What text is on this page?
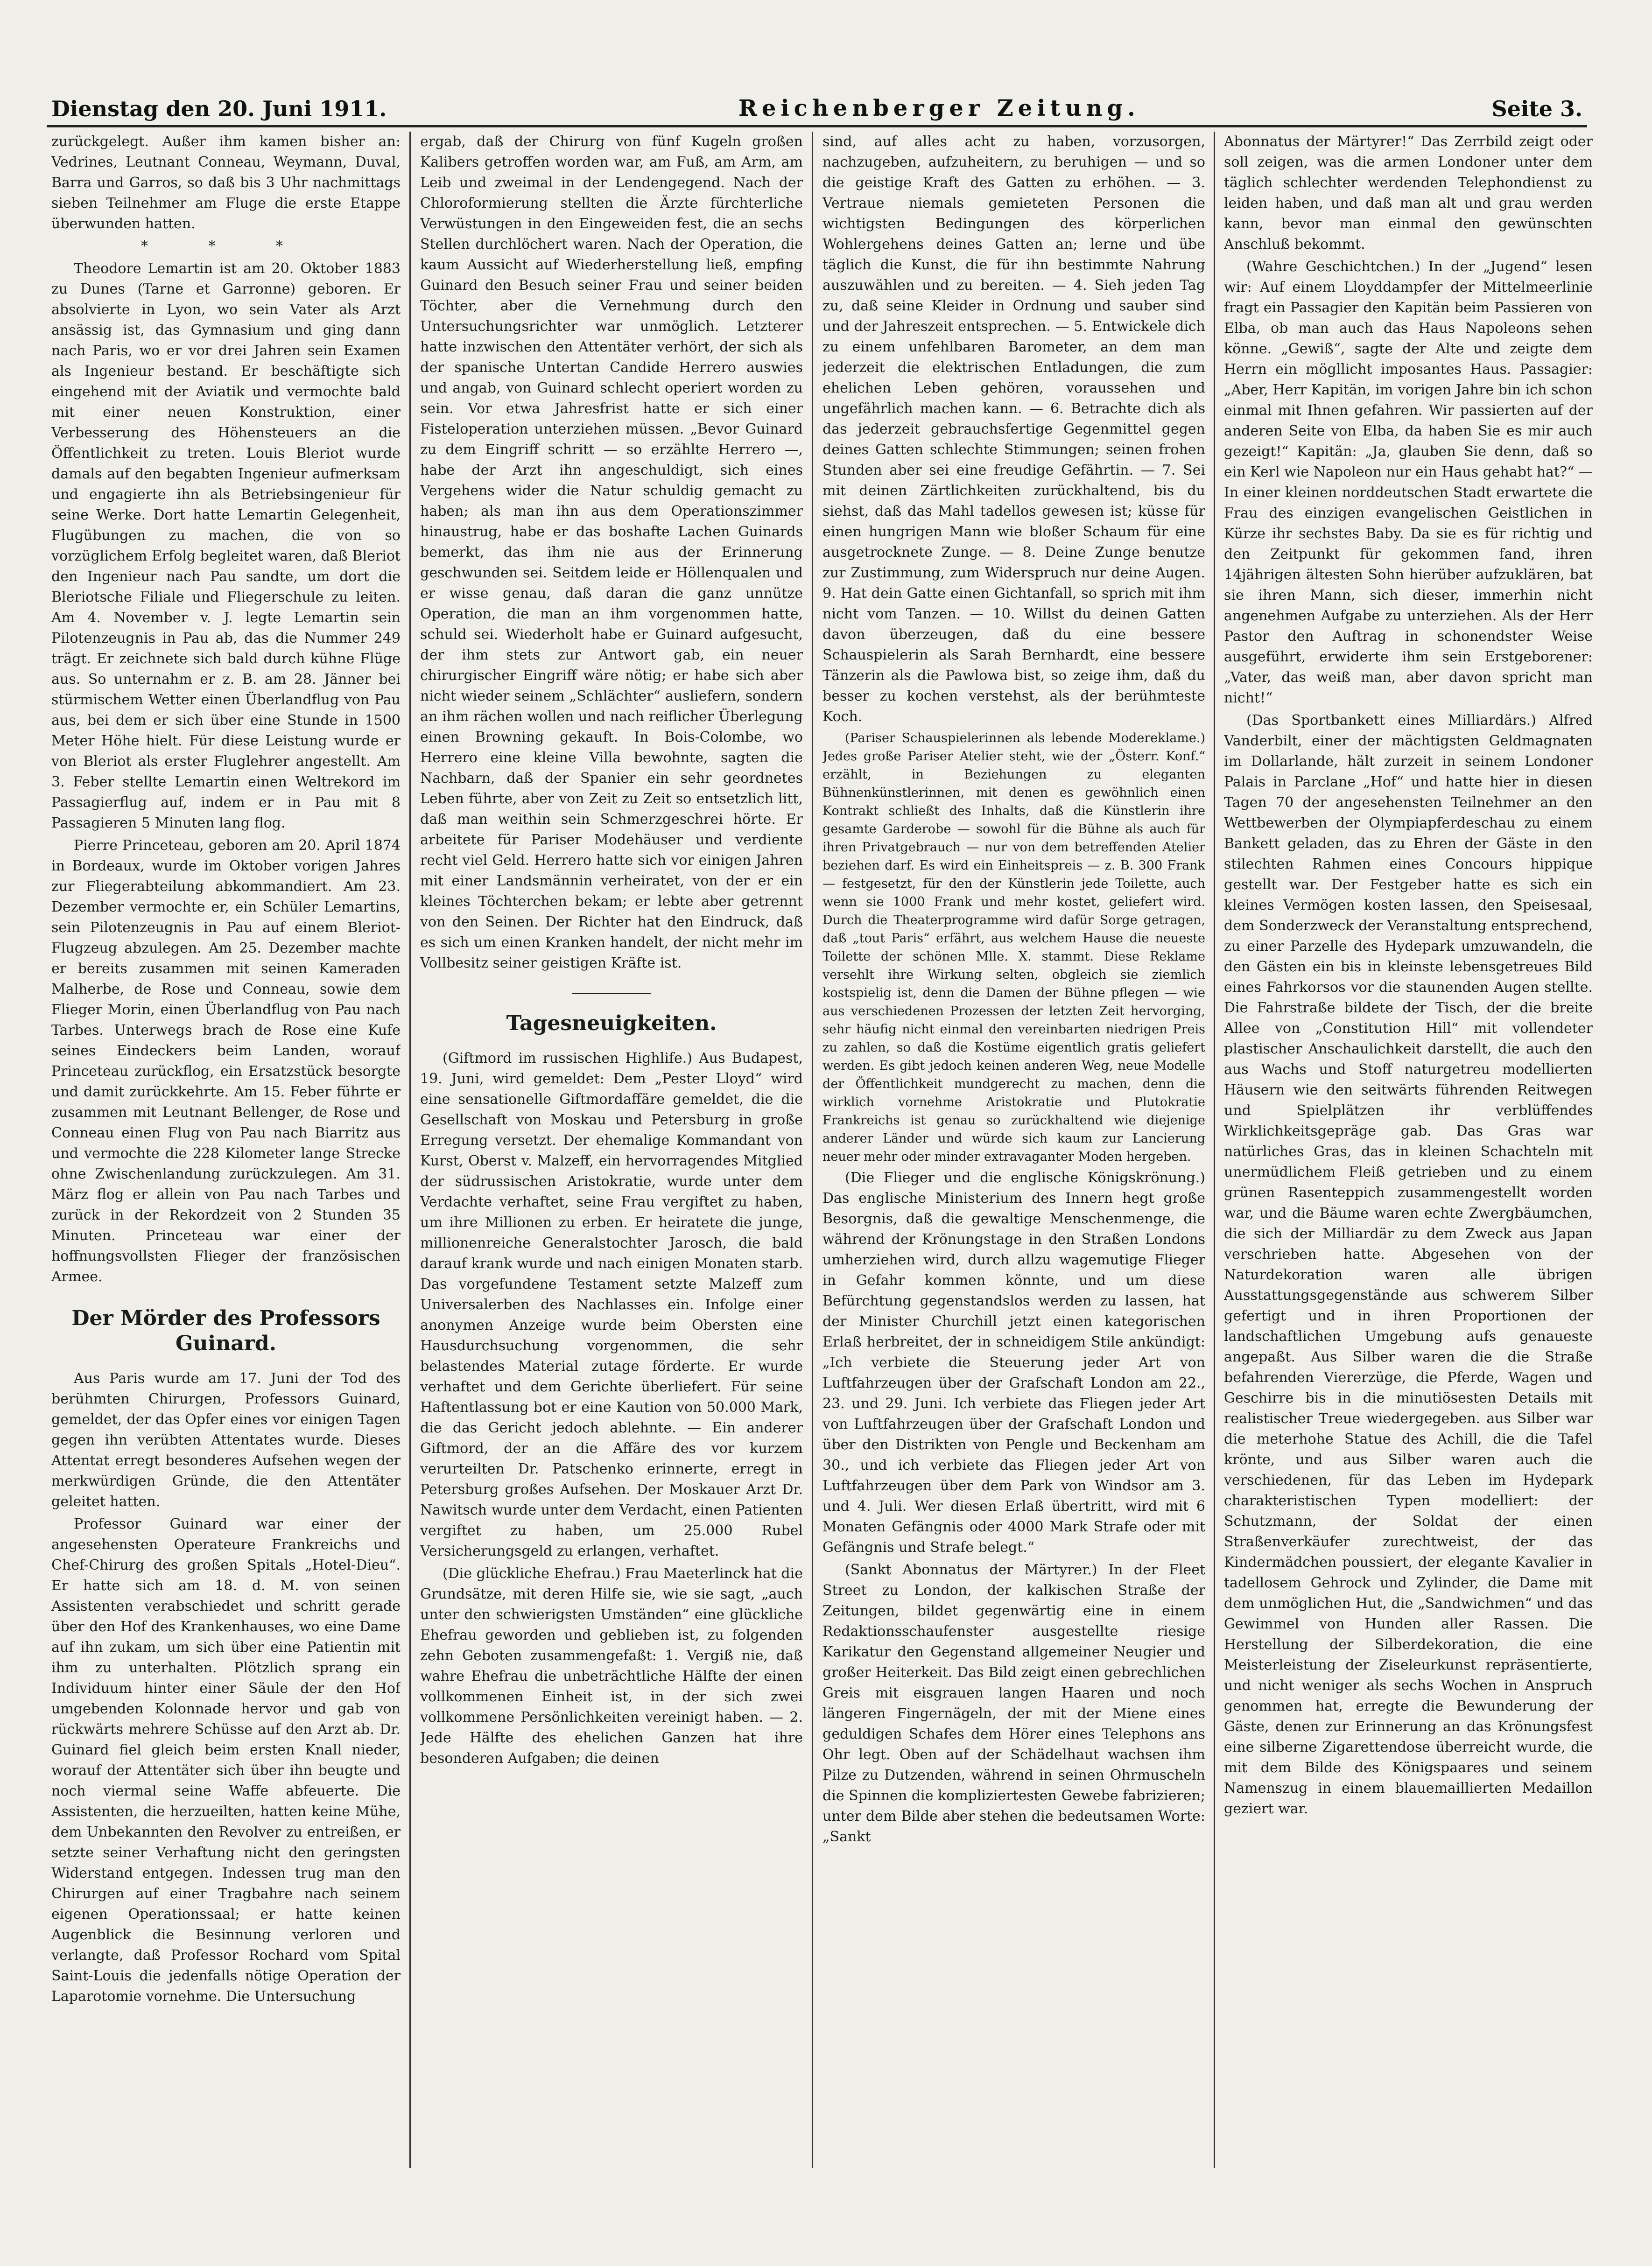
Dienstag den 20. Juni 1911.	Reichenberger Zeitung.	Seite 3.

zurückgelegt. Außer ihm kamen bisher an: Vedrines, Leutnant Conneau, Weymann, Duval, Barra und Garros, so daß bis 3 Uhr nachmittags sieben Teilnehmer am Fluge die erste Etappe überwunden hatten.

* * *

Theodore Lemartin ist am 20. Oktober 1883 zu Dunes (Tarne et Garronne) geboren. Er absolvierte in Lyon, wo sein Vater als Arzt ansässig ist, das Gymnasium und ging dann nach Paris, wo er vor drei Jahren sein Examen als Ingenieur bestand. Er beschäftigte sich eingehend mit der Aviatik und vermochte bald mit einer neuen Konstruktion, einer Verbesserung des Höhensteuers an die Öffentlichkeit zu treten. Louis Bleriot wurde damals auf den begabten Ingenieur aufmerksam und engagierte ihn als Betriebsingenieur für seine Werke. Dort hatte Lemartin Gelegenheit, Flugübungen zu machen, die von so vorzüglichem Erfolg begleitet waren, daß Bleriot den Ingenieur nach Pau sandte, um dort die Bleriotsche Filiale und Fliegerschule zu leiten. Am 4. November v. J. legte Lemartin sein Pilotenzeugnis in Pau ab, das die Nummer 249 trägt. Er zeichnete sich bald durch kühne Flüge aus. So unternahm er z. B. am 28. Jänner bei stürmischem Wetter einen Überlandflug von Pau aus, bei dem er sich über eine Stunde in 1500 Meter Höhe hielt. Für diese Leistung wurde er von Bleriot als erster Fluglehrer angestellt. Am 3. Feber stellte Lemartin einen Weltrekord im Passagierflug auf, indem er in Pau mit 8 Passagieren 5 Minuten lang flog.

Pierre Princeteau, geboren am 20. April 1874 in Bordeaux, wurde im Oktober vorigen Jahres zur Fliegerabteilung abkommandiert. Am 23. Dezember vermochte er, ein Schüler Lemartins, sein Pilotenzeugnis in Pau auf einem Bleriot-Flugzeug abzulegen. Am 25. Dezember machte er bereits zusammen mit seinen Kameraden Malherbe, de Rose und Conneau, sowie dem Flieger Morin, einen Überlandflug von Pau nach Tarbes. Unterwegs brach de Rose eine Kufe seines Eindeckers beim Landen, worauf Princeteau zurückflog, ein Ersatzstück besorgte und damit zurückkehrte. Am 15. Feber führte er zusammen mit Leutnant Bellenger, de Rose und Conneau einen Flug von Pau nach Biarritz aus und vermochte die 228 Kilometer lange Strecke ohne Zwischenlandung zurückzulegen. Am 31. März flog er allein von Pau nach Tarbes und zurück in der Rekordzeit von 2 Stunden 35 Minuten. Princeteau war einer der hoffnungsvollsten Flieger der französischen Armee.

Der Mörder des Professors Guinard.

Aus Paris wurde am 17. Juni der Tod des berühmten Chirurgen, Professors Guinard, gemeldet, der das Opfer eines vor einigen Tagen gegen ihn verübten Attentates wurde. Dieses Attentat erregt besonderes Aufsehen wegen der merkwürdigen Gründe, die den Attentäter geleitet hatten.

Professor Guinard war einer der angesehensten Operateure Frankreichs und Chef-Chirurg des großen Spitals „Hotel-Dieu“. Er hatte sich am 18. d. M. von seinen Assistenten verabschiedet und schritt gerade über den Hof des Krankenhauses, wo eine Dame auf ihn zukam, um sich über eine Patientin mit ihm zu unterhalten. Plötzlich sprang ein Individuum hinter einer Säule der den Hof umgebenden Kolonnade hervor und gab von rückwärts mehrere Schüsse auf den Arzt ab. Dr. Guinard fiel gleich beim ersten Knall nieder, worauf der Attentäter sich über ihn beugte und noch viermal seine Waffe abfeuerte. Die Assistenten, die herzueilten, hatten keine Mühe, dem Unbekannten den Revolver zu entreißen, er setzte seiner Verhaftung nicht den geringsten Widerstand entgegen. Indessen trug man den Chirurgen auf einer Tragbahre nach seinem eigenen Operationssaal; er hatte keinen Augenblick die Besinnung verloren und verlangte, daß Professor Rochard vom Spital Saint-Louis die jedenfalls nötige Operation der Laparotomie vornehme. Die Untersuchung

ergab, daß der Chirurg von fünf Kugeln großen Kalibers getroffen worden war, am Fuß, am Arm, am Leib und zweimal in der Lendengegend. Nach der Chloroformierung stellten die Ärzte fürchterliche Verwüstungen in den Eingeweiden fest, die an sechs Stellen durchlöchert waren. Nach der Operation, die kaum Aussicht auf Wiederherstellung ließ, empfing Guinard den Besuch seiner Frau und seiner beiden Töchter, aber die Vernehmung durch den Untersuchungsrichter war unmöglich. Letzterer hatte inzwischen den Attentäter verhört, der sich als der spanische Untertan Candide Herrero auswies und angab, von Guinard schlecht operiert worden zu sein. Vor etwa Jahresfrist hatte er sich einer Fisteloperation unterziehen müssen. „Bevor Guinard zu dem Eingriff schritt — so erzählte Herrero —, habe der Arzt ihn angeschuldigt, sich eines Vergehens wider die Natur schuldig gemacht zu haben; als man ihn aus dem Operationszimmer hinaustrug, habe er das boshafte Lachen Guinards bemerkt, das ihm nie aus der Erinnerung geschwunden sei. Seitdem leide er Höllenqualen und er wisse genau, daß daran die ganz unnütze Operation, die man an ihm vorgenommen hatte, schuld sei. Wiederholt habe er Guinard aufgesucht, der ihm stets zur Antwort gab, ein neuer chirurgischer Eingriff wäre nötig; er habe sich aber nicht wieder seinem „Schlächter“ ausliefern, sondern an ihm rächen wollen und nach reiflicher Überlegung einen Browning gekauft. In Bois-Colombe, wo Herrero eine kleine Villa bewohnte, sagten die Nachbarn, daß der Spanier ein sehr geordnetes Leben führte, aber von Zeit zu Zeit so entsetzlich litt, daß man weithin sein Schmerzgeschrei hörte. Er arbeitete für Pariser Modehäuser und verdiente recht viel Geld. Herrero hatte sich vor einigen Jahren mit einer Landsmännin verheiratet, von der er ein kleines Töchterchen bekam; er lebte aber getrennt von den Seinen. Der Richter hat den Eindruck, daß es sich um einen Kranken handelt, der nicht mehr im Vollbesitz seiner geistigen Kräfte ist.

Tagesneuigkeiten.

(Giftmord im russischen Highlife.) Aus Budapest, 19. Juni, wird gemeldet: Dem „Pester Lloyd“ wird eine sensationelle Giftmordaffäre gemeldet, die die Gesellschaft von Moskau und Petersburg in große Erregung versetzt. Der ehemalige Kommandant von Kurst, Oberst v. Malzeff, ein hervorragendes Mitglied der südrussischen Aristokratie, wurde unter dem Verdachte verhaftet, seine Frau vergiftet zu haben, um ihre Millionen zu erben. Er heiratete die junge, millionenreiche Generalstochter Jarosch, die bald darauf krank wurde und nach einigen Monaten starb. Das vorgefundene Testament setzte Malzeff zum Universalerben des Nachlasses ein. Infolge einer anonymen Anzeige wurde beim Obersten eine Hausdurchsuchung vorgenommen, die sehr belastendes Material zutage förderte. Er wurde verhaftet und dem Gerichte überliefert. Für seine Haftentlassung bot er eine Kaution von 50.000 Mark, die das Gericht jedoch ablehnte. — Ein anderer Giftmord, der an die Affäre des vor kurzem verurteilten Dr. Patschenko erinnerte, erregt in Petersburg großes Aufsehen. Der Moskauer Arzt Dr. Nawitsch wurde unter dem Verdacht, einen Patienten vergiftet zu haben, um 25.000 Rubel Versicherungsgeld zu erlangen, verhaftet.

(Die glückliche Ehefrau.) Frau Maeterlinck hat die Grundsätze, mit deren Hilfe sie, wie sie sagt, „auch unter den schwierigsten Umständen“ eine glückliche Ehefrau geworden und geblieben ist, zu folgenden zehn Geboten zusammengefaßt: 1. Vergiß nie, daß wahre Ehefrau die unbeträchtliche Hälfte der einen vollkommenen Einheit ist, in der sich zwei vollkommene Persönlichkeiten vereinigt haben. — 2. Jede Hälfte des ehelichen Ganzen hat ihre besonderen Aufgaben; die deinen

sind, auf alles acht zu haben, vorzusorgen, nachzugeben, aufzuheitern, zu beruhigen — und so die geistige Kraft des Gatten zu erhöhen. — 3. Vertraue niemals gemieteten Personen die wichtigsten Bedingungen des körperlichen Wohlergehens deines Gatten an; lerne und übe täglich die Kunst, die für ihn bestimmte Nahrung auszuwählen und zu bereiten. — 4. Sieh jeden Tag zu, daß seine Kleider in Ordnung und sauber sind und der Jahreszeit entsprechen. — 5. Entwickele dich zu einem unfehlbaren Barometer, an dem man jederzeit die elektrischen Entladungen, die zum ehelichen Leben gehören, voraussehen und ungefährlich machen kann. — 6. Betrachte dich als das jederzeit gebrauchsfertige Gegenmittel gegen deines Gatten schlechte Stimmungen; seinen frohen Stunden aber sei eine freudige Gefährtin. — 7. Sei mit deinen Zärtlichkeiten zurückhaltend, bis du siehst, daß das Mahl tadellos gewesen ist; küsse für einen hungrigen Mann wie bloßer Schaum für eine ausgetrocknete Zunge. — 8. Deine Zunge benutze zur Zustimmung, zum Widerspruch nur deine Augen. 9. Hat dein Gatte einen Gichtanfall, so sprich mit ihm nicht vom Tanzen. — 10. Willst du deinen Gatten davon überzeugen, daß du eine bessere Schauspielerin als Sarah Bernhardt, eine bessere Tänzerin als die Pawlowa bist, so zeige ihm, daß du besser zu kochen verstehst, als der berühmteste Koch.

(Pariser Schauspielerinnen als lebende Modereklame.) Jedes große Pariser Atelier steht, wie der „Österr. Konf.“ erzählt, in Beziehungen zu eleganten Bühnenkünstlerinnen, mit denen es gewöhnlich einen Kontrakt schließt des Inhalts, daß die Künstlerin ihre gesamte Garderobe — sowohl für die Bühne als auch für ihren Privatgebrauch — nur von dem betreffenden Atelier beziehen darf. Es wird ein Einheitspreis — z. B. 300 Frank — festgesetzt, für den der Künstlerin jede Toilette, auch wenn sie 1000 Frank und mehr kostet, geliefert wird. Durch die Theaterprogramme wird dafür Sorge getragen, daß „tout Paris“ erfährt, aus welchem Hause die neueste Toilette der schönen Mlle. X. stammt. Diese Reklame versehlt ihre Wirkung selten, obgleich sie ziemlich kostspielig ist, denn die Damen der Bühne pflegen — wie aus verschiedenen Prozessen der letzten Zeit hervorging, sehr häufig nicht einmal den vereinbarten niedrigen Preis zu zahlen, so daß die Kostüme eigentlich gratis geliefert werden. Es gibt jedoch keinen anderen Weg, neue Modelle der Öffentlichkeit mundgerecht zu machen, denn die wirklich vornehme Aristokratie und Plutokratie Frankreichs ist genau so zurückhaltend wie diejenige anderer Länder und würde sich kaum zur Lancierung neuer mehr oder minder extravaganter Moden hergeben.

(Die Flieger und die englische Königskrönung.) Das englische Ministerium des Innern hegt große Besorgnis, daß die gewaltige Menschenmenge, die während der Krönungstage in den Straßen Londons umherziehen wird, durch allzu wagemutige Flieger in Gefahr kommen könnte, und um diese Befürchtung gegenstandslos werden zu lassen, hat der Minister Churchill jetzt einen kategorischen Erlaß herbreitet, der in schneidigem Stile ankündigt: „Ich verbiete die Steuerung jeder Art von Luftfahrzeugen über der Grafschaft London am 22., 23. und 29. Juni. Ich verbiete das Fliegen jeder Art von Luftfahrzeugen über der Grafschaft London und über den Distrikten von Pengle und Beckenham am 30., und ich verbiete das Fliegen jeder Art von Luftfahrzeugen über dem Park von Windsor am 3. und 4. Juli. Wer diesen Erlaß übertritt, wird mit 6 Monaten Gefängnis oder 4000 Mark Strafe oder mit Gefängnis und Strafe belegt.“

(Sankt Abonnatus der Märtyrer.) In der Fleet Street zu London, der kalkischen Straße der Zeitungen, bildet gegenwärtig eine in einem Redaktionsschaufenster ausgestellte riesige Karikatur den Gegenstand allgemeiner Neugier und großer Heiterkeit. Das Bild zeigt einen gebrechlichen Greis mit eisgrauen langen Haaren und noch längeren Fingernägeln, der mit der Miene eines geduldigen Schafes dem Hörer eines Telephons ans Ohr legt. Oben auf der Schädelhaut wachsen ihm Pilze zu Dutzenden, während in seinen Ohrmuscheln die Spinnen die kompliziertesten Gewebe fabrizieren; unter dem Bilde aber stehen die bedeutsamen Worte: „Sankt

Abonnatus der Märtyrer!“ Das Zerrbild zeigt oder soll zeigen, was die armen Londoner unter dem täglich schlechter werdenden Telephondienst zu leiden haben, und daß man alt und grau werden kann, bevor man einmal den gewünschten Anschluß bekommt.

(Wahre Geschichtchen.) In der „Jugend“ lesen wir: Auf einem Lloyddampfer der Mittelmeerlinie fragt ein Passagier den Kapitän beim Passieren von Elba, ob man auch das Haus Napoleons sehen könne. „Gewiß“, sagte der Alte und zeigte dem Herrn ein mögllicht imposantes Haus. Passagier: „Aber, Herr Kapitän, im vorigen Jahre bin ich schon einmal mit Ihnen gefahren. Wir passierten auf der anderen Seite von Elba, da haben Sie es mir auch gezeigt!“ Kapitän: „Ja, glauben Sie denn, daß so ein Kerl wie Napoleon nur ein Haus gehabt hat?“ — In einer kleinen norddeutschen Stadt erwartete die Frau des einzigen evangelischen Geistlichen in Kürze ihr sechstes Baby. Da sie es für richtig und den Zeitpunkt für gekommen fand, ihren 14jährigen ältesten Sohn hierüber aufzuklären, bat sie ihren Mann, sich dieser, immerhin nicht angenehmen Aufgabe zu unterziehen. Als der Herr Pastor den Auftrag in schonendster Weise ausgeführt, erwiderte ihm sein Erstgeborener: „Vater, das weiß man, aber davon spricht man nicht!“

(Das Sportbankett eines Milliardärs.) Alfred Vanderbilt, einer der mächtigsten Geldmagnaten im Dollarlande, hält zurzeit in seinem Londoner Palais in Parclane „Hof“ und hatte hier in diesen Tagen 70 der angesehensten Teilnehmer an den Wettbewerben der Olympiapferdeschau zu einem Bankett geladen, das zu Ehren der Gäste in den stilechten Rahmen eines Concours hippique gestellt war. Der Festgeber hatte es sich ein kleines Vermögen kosten lassen, den Speisesaal, dem Sonderzweck der Veranstaltung entsprechend, zu einer Parzelle des Hydepark umzuwandeln, die den Gästen ein bis in kleinste lebensgetreues Bild eines Fahrkorsos vor die staunenden Augen stellte. Die Fahrstraße bildete der Tisch, der die breite Allee von „Constitution Hill“ mit vollendeter plastischer Anschaulichkeit darstellt, die auch den aus Wachs und Stoff naturgetreu modellierten Häusern wie den seitwärts führenden Reitwegen und Spielplätzen ihr verblüffendes Wirklichkeitsgepräge gab. Das Gras war natürliches Gras, das in kleinen Schachteln mit unermüdlichem Fleiß getrieben und zu einem grünen Rasenteppich zusammengestellt worden war, und die Bäume waren echte Zwergbäumchen, die sich der Milliardär zu dem Zweck aus Japan verschrieben hatte. Abgesehen von der Naturdekoration waren alle übrigen Ausstattungsgegenstände aus schwerem Silber gefertigt und in ihren Proportionen der landschaftlichen Umgebung aufs genaueste angepaßt. Aus Silber waren die die Straße befahrenden Viererzüge, die Pferde, Wagen und Geschirre bis in die minutiösesten Details mit realistischer Treue wiedergegeben. aus Silber war die meterhohe Statue des Achill, die die Tafel krönte, und aus Silber waren auch die verschiedenen, für das Leben im Hydepark charakteristischen Typen modelliert: der Schutzmann, der Soldat der einen Straßenverkäufer zurechtweist, der das Kindermädchen poussiert, der elegante Kavalier in tadellosem Gehrock und Zylinder, die Dame mit dem unmöglichen Hut, die „Sandwichmen“ und das Gewimmel von Hunden aller Rassen. Die Herstellung der Silberdekoration, die eine Meisterleistung der Ziseleurkunst repräsentierte, und nicht weniger als sechs Wochen in Anspruch genommen hat, erregte die Bewunderung der Gäste, denen zur Erinnerung an das Krönungsfest eine silberne Zigarettendose überreicht wurde, die mit dem Bilde des Königspaares und seinem Namenszug in einem blauemaillierten Medaillon geziert war.
